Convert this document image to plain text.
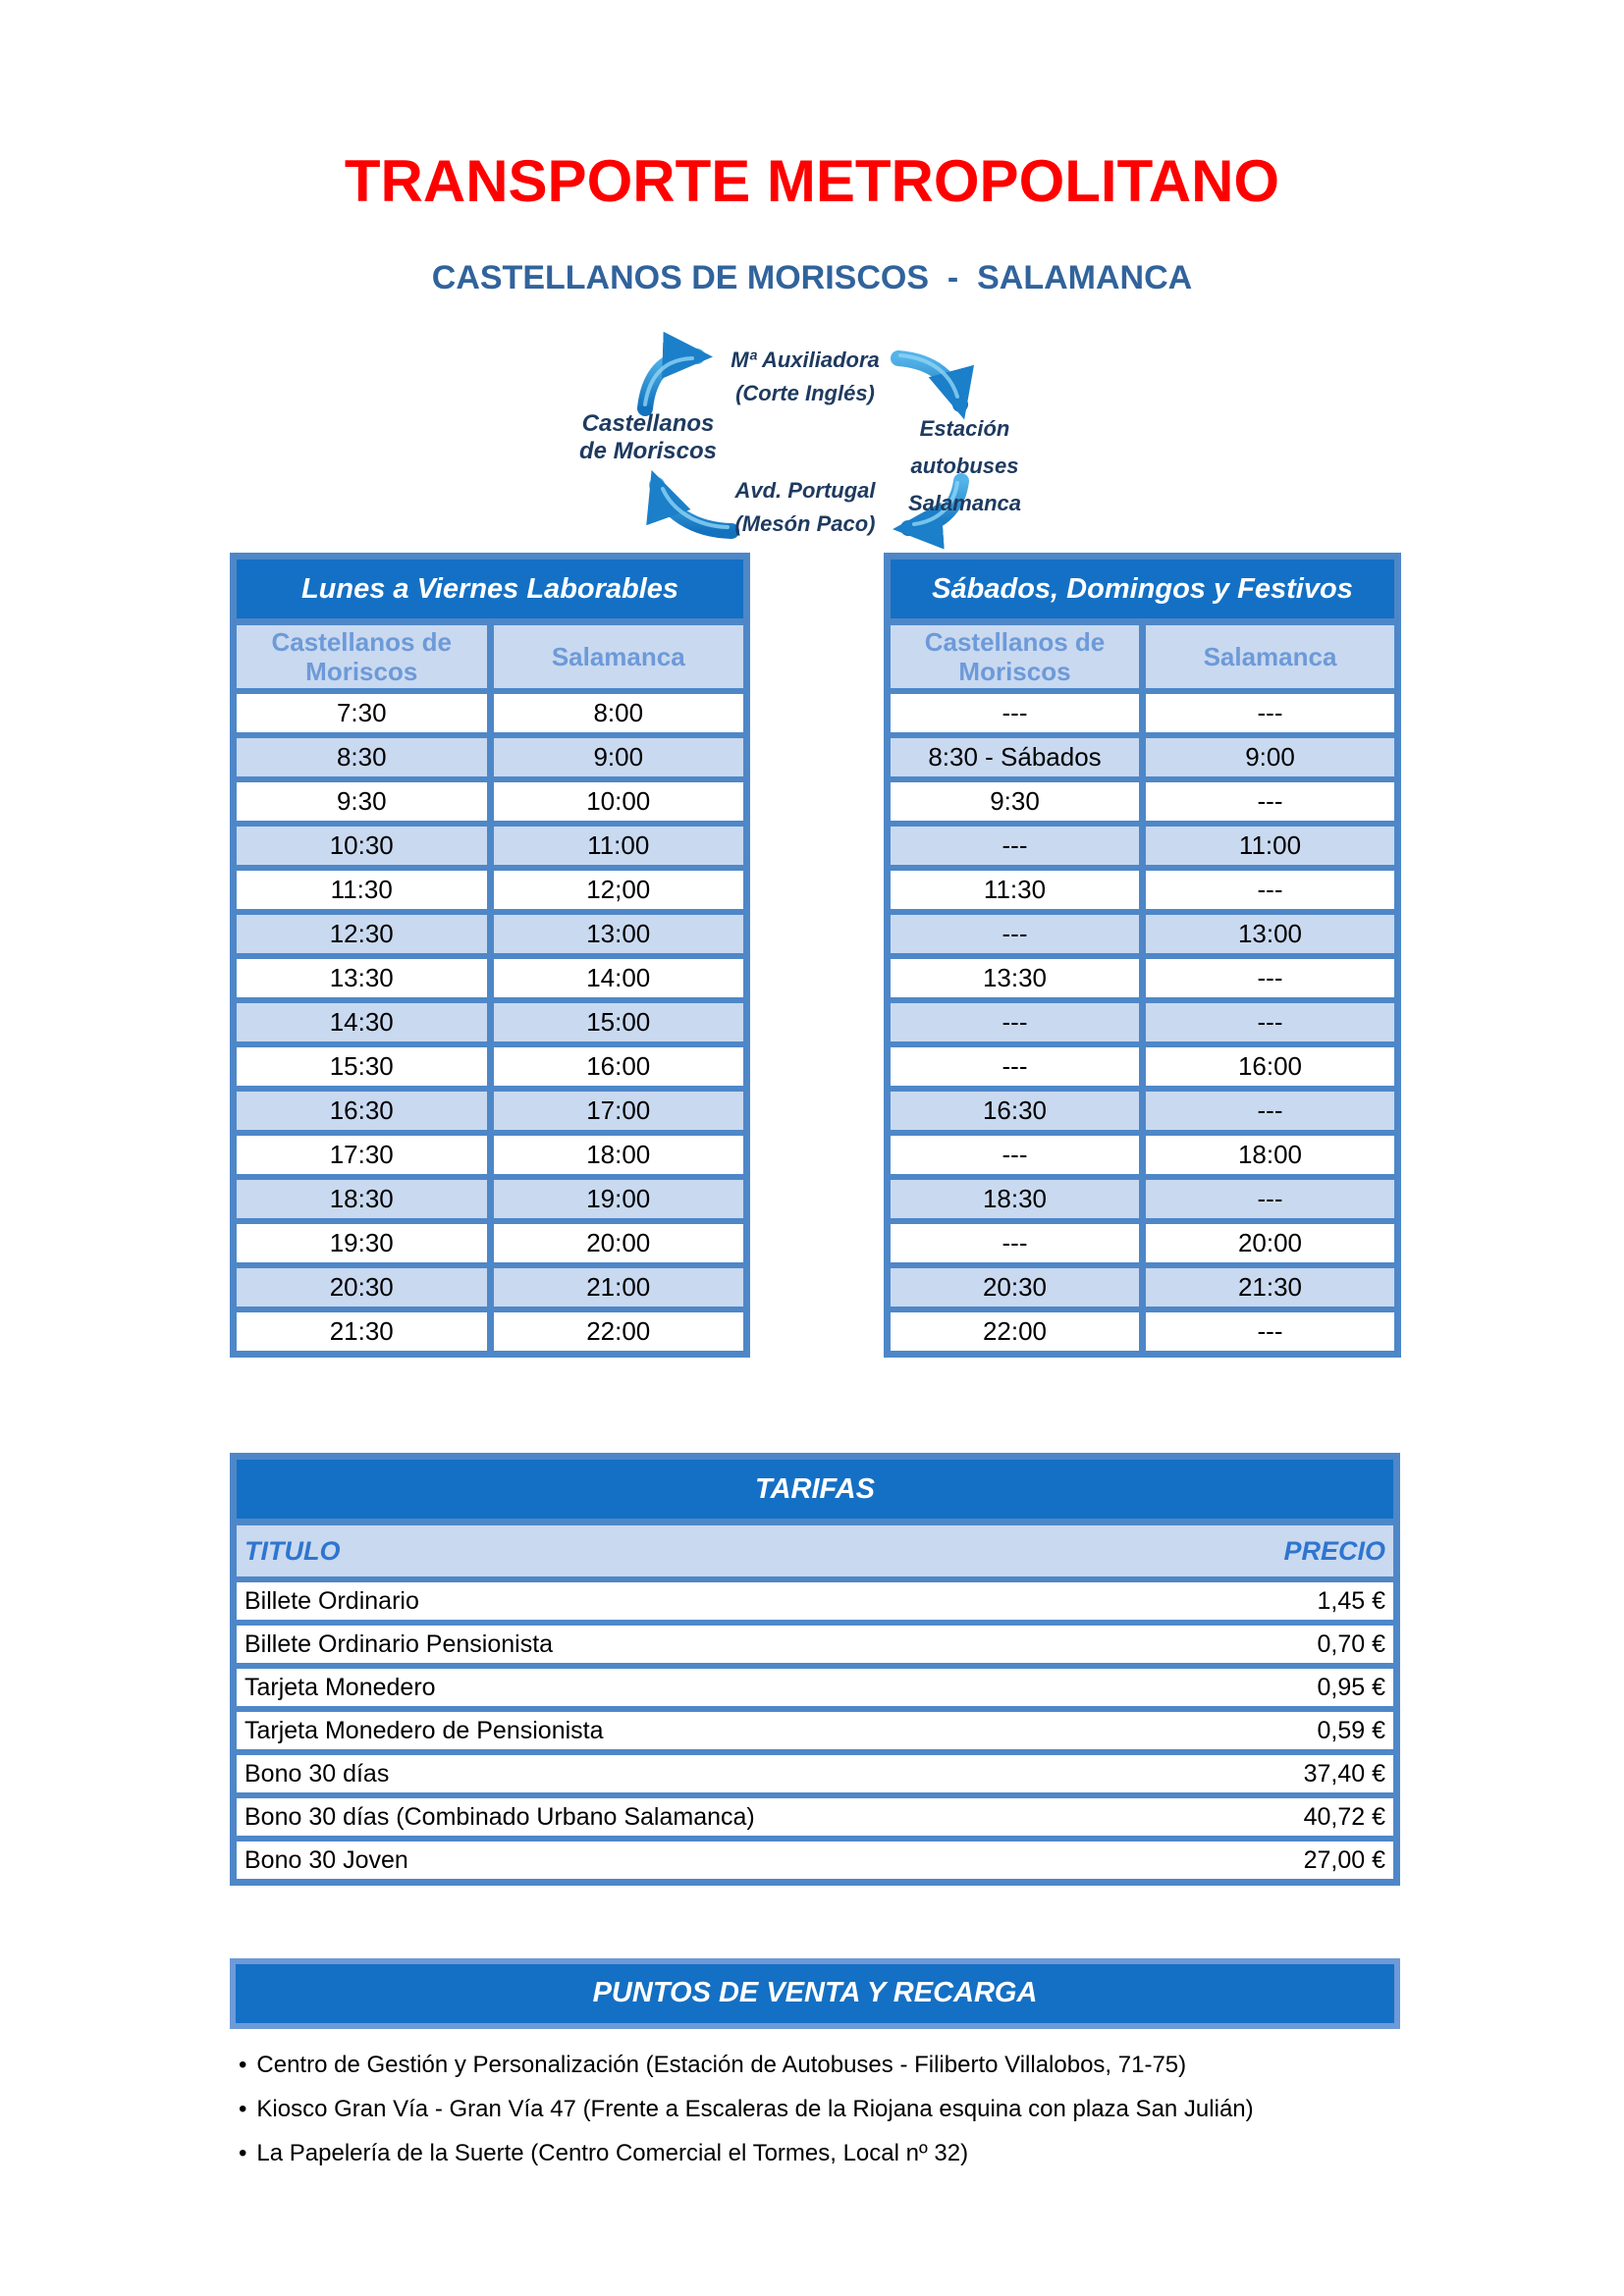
TRANSPORTE METROPOLITANO
CASTELLANOS DE MORISCOS  -  SALAMANCA
Castellanos
de Moriscos
Mª Auxiliadora
(Corte Inglés)
Estación autobuses
Salamanca
Avd. Portugal
(Mesón Paco)
Lunes a Viernes Laborables
Castellanos de
Moriscos	Salamanca
7:30	8:00
8:30	9:00
9:30	10:00
10:30	11:00
11:30	12;00
12:30	13:00
13:30	14:00
14:30	15:00
15:30	16:00
16:30	17:00
17:30	18:00
18:30	19:00
19:30	20:00
20:30	21:00
21:30	22:00
Sábados, Domingos y Festivos
Castellanos de
Moriscos	Salamanca
---	---
8:30 - Sábados	9:00
9:30	---
---	11:00
11:30	---
---	13:00
13:30	---
---	---
---	16:00
16:30	---
---	18:00
18:30	---
---	20:00
20:30	21:30
22:00	---
TARIFAS
TITULO	PRECIO
Billete Ordinario	1,45 €
Billete Ordinario Pensionista	0,70 €
Tarjeta Monedero	0,95 €
Tarjeta Monedero de Pensionista	0,59 €
Bono 30 días	37,40 €
Bono 30 días (Combinado Urbano Salamanca)	40,72 €
Bono 30 Joven	27,00 €
PUNTOS DE VENTA Y RECARGA
• Centro de Gestión y Personalización (Estación de Autobuses - Filiberto Villalobos, 71-75)
• Kiosco Gran Vía - Gran Vía 47 (Frente a Escaleras de la Riojana esquina con plaza San Julián)
• La Papelería de la Suerte (Centro Comercial el Tormes, Local nº 32)
